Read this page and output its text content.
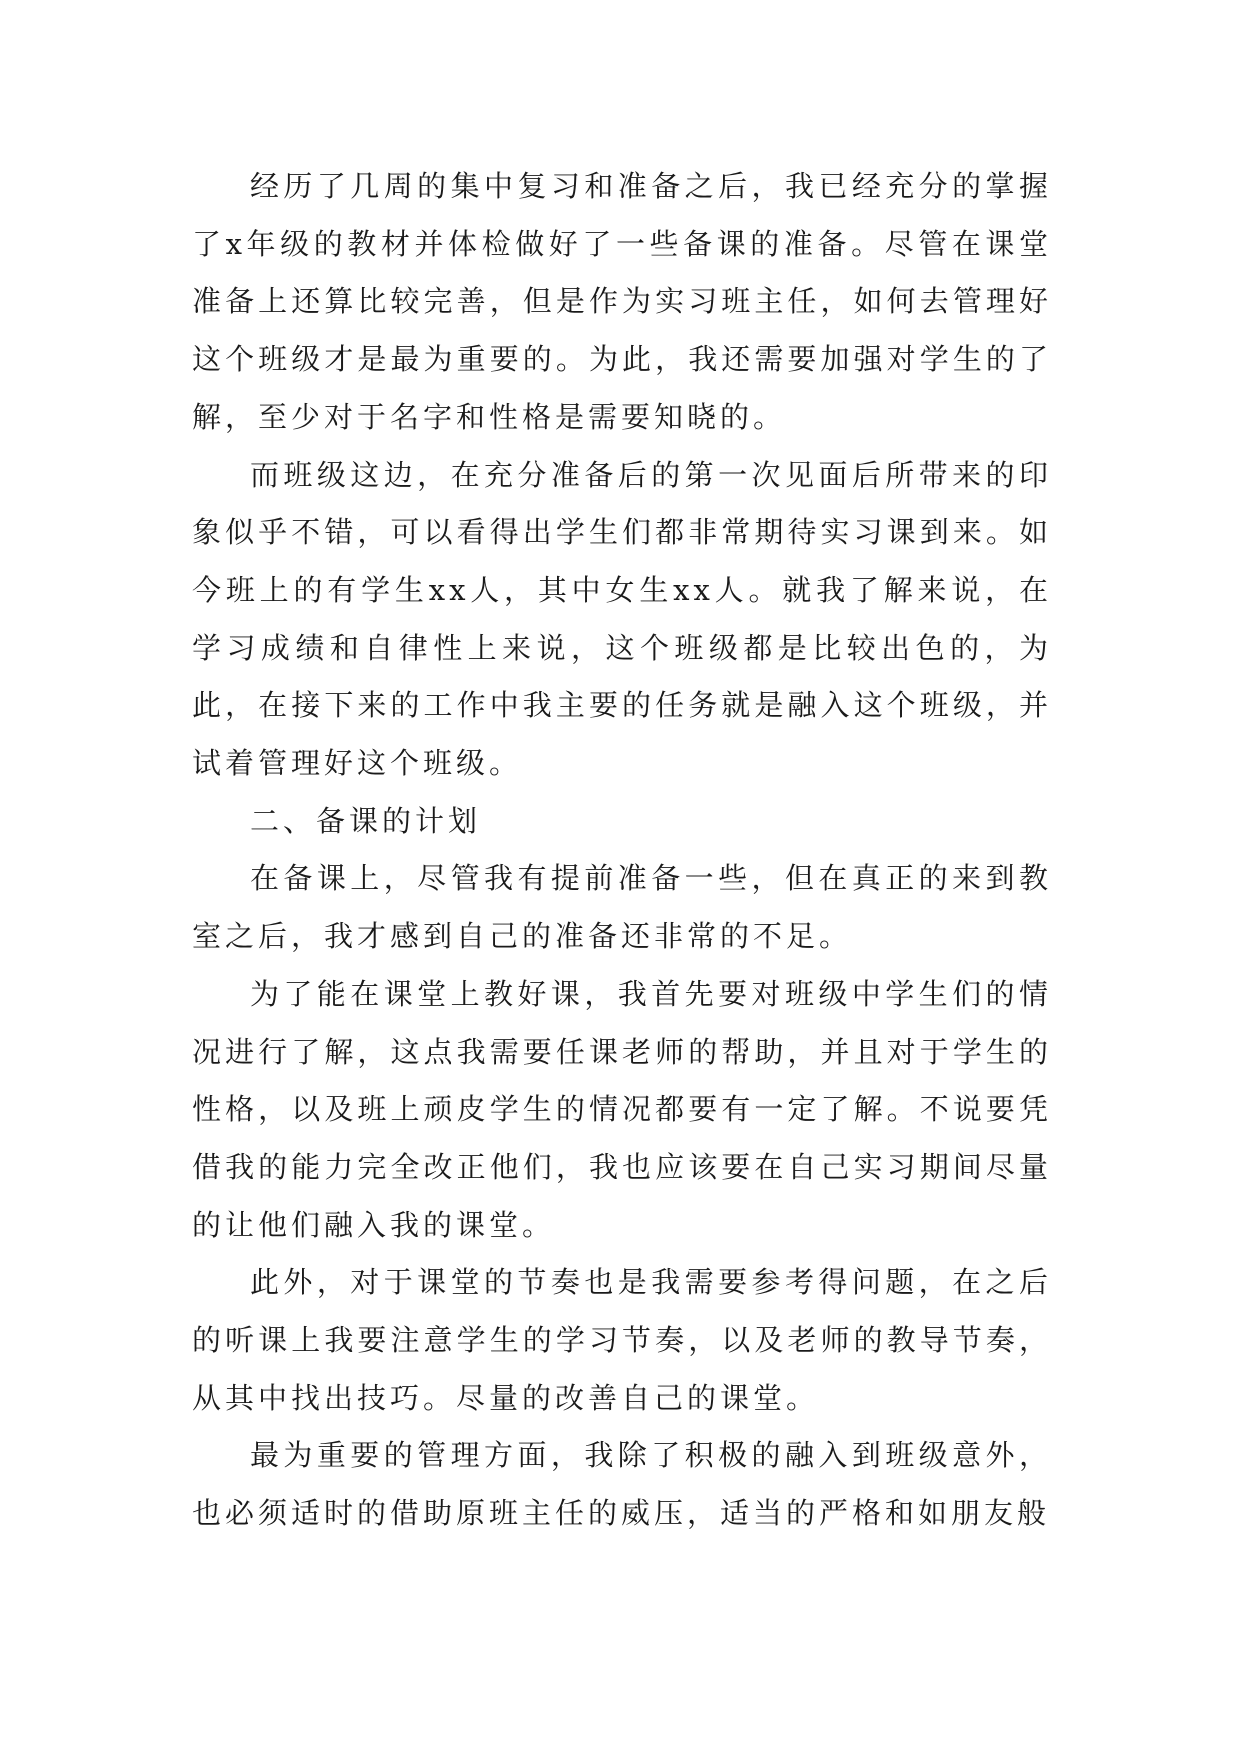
经历了几周的集中复习和准备之后，我已经充分的掌握了x年级的教材并体检做好了一些备课的准备。尽管在课堂准备上还算比较完善，但是作为实习班主任，如何去管理好这个班级才是最为重要的。为此，我还需要加强对学生的了解，至少对于名字和性格是需要知晓的。

而班级这边，在充分准备后的第一次见面后所带来的印象似乎不错，可以看得出学生们都非常期待实习课到来。如今班上的有学生xx人，其中女生xx人。就我了解来说，在学习成绩和自律性上来说，这个班级都是比较出色的，为此，在接下来的工作中我主要的任务就是融入这个班级，并试着管理好这个班级。

二、备课的计划

在备课上，尽管我有提前准备一些，但在真正的来到教室之后，我才感到自己的准备还非常的不足。

为了能在课堂上教好课，我首先要对班级中学生们的情况进行了解，这点我需要任课老师的帮助，并且对于学生的性格，以及班上顽皮学生的情况都要有一定了解。不说要凭借我的能力完全改正他们，我也应该要在自己实习期间尽量的让他们融入我的课堂。

此外，对于课堂的节奏也是我需要参考得问题，在之后的听课上我要注意学生的学习节奏，以及老师的教导节奏，从其中找出技巧。尽量的改善自己的课堂。

最为重要的管理方面，我除了积极的融入到班级意外，也必须适时的借助原班主任的威压，适当的严格和如朋友般
